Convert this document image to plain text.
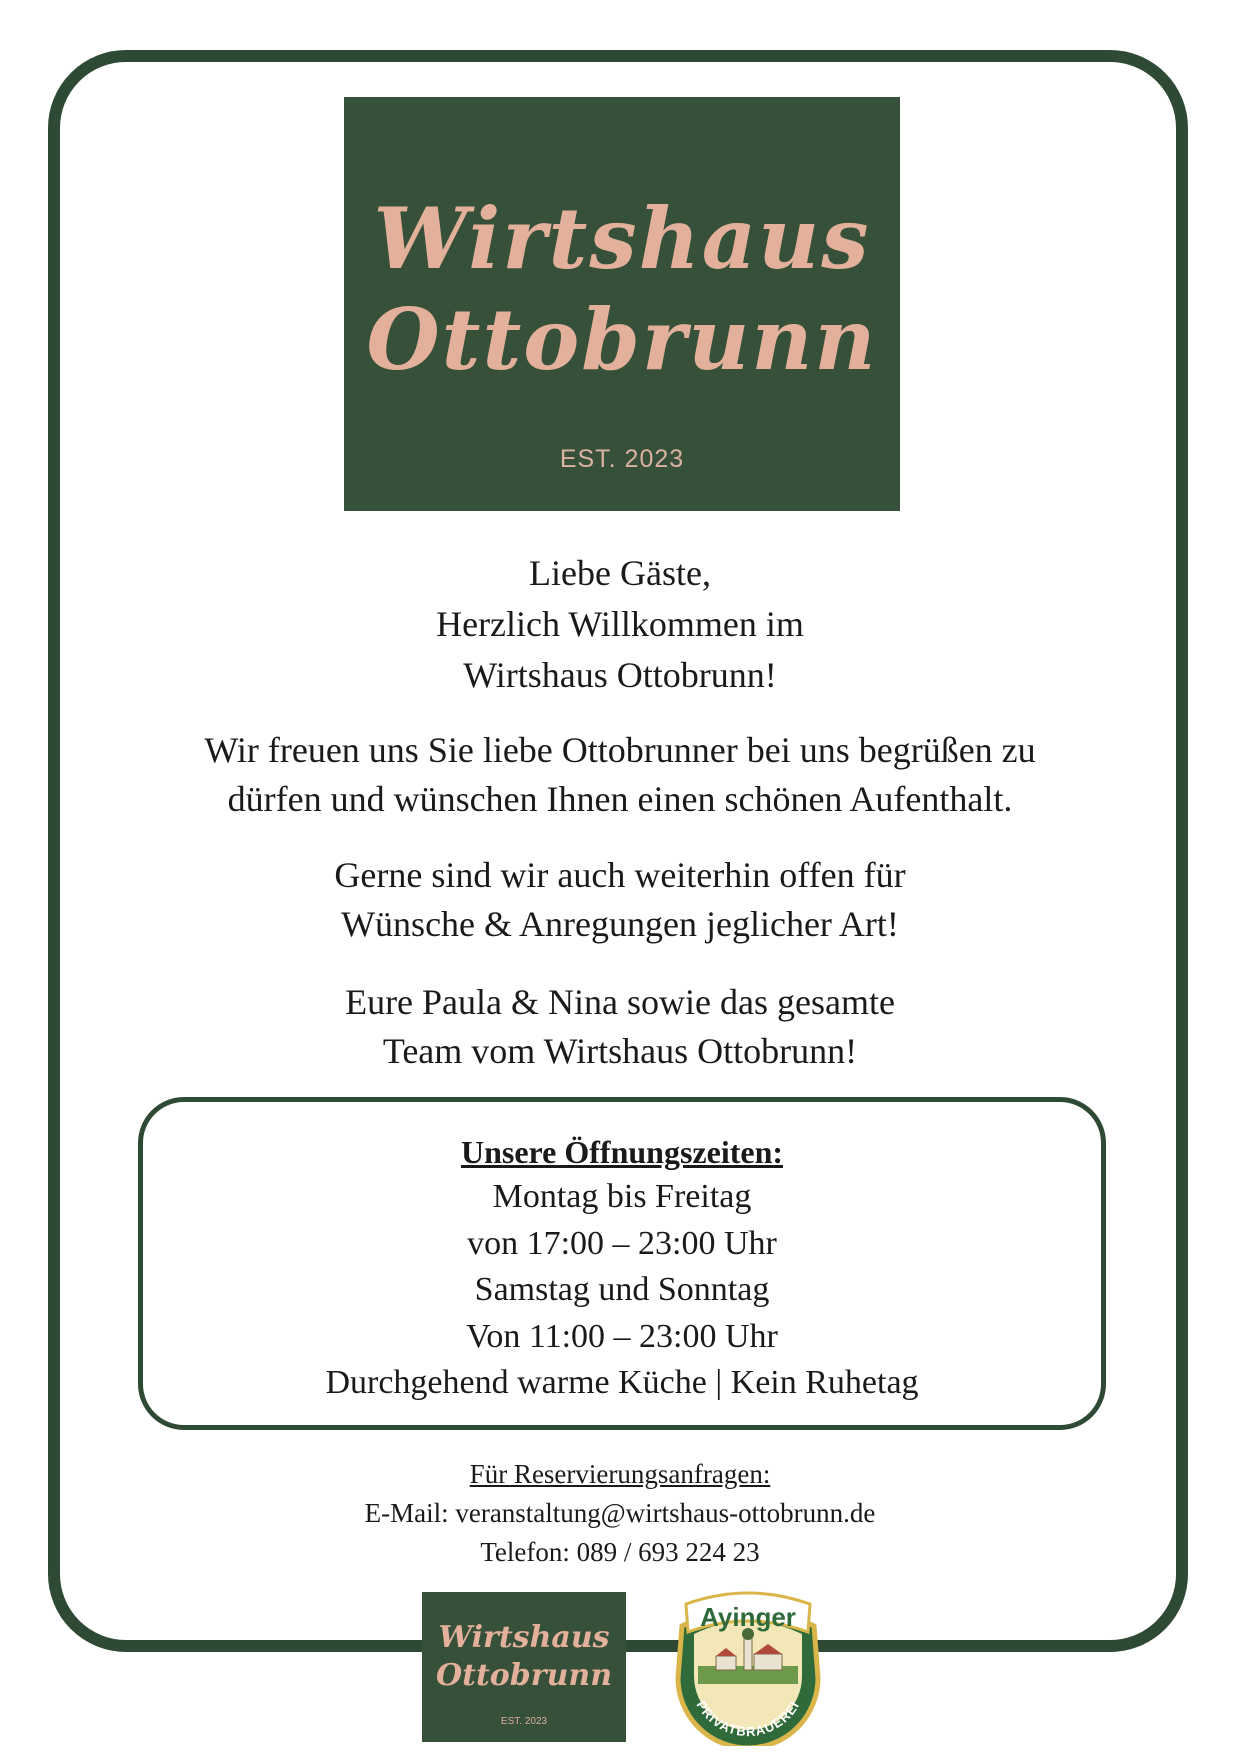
Wirtshaus
Ottobrunn
EST. 2023
Liebe Gäste,
Herzlich Willkommen im
Wirtshaus Ottobrunn!
Wir freuen uns Sie liebe Ottobrunner bei uns begrüßen zu
dürfen und wünschen Ihnen einen schönen Aufenthalt.
Gerne sind wir auch weiterhin offen für
Wünsche & Anregungen jeglicher Art!
Eure Paula & Nina sowie das gesamte
Team vom Wirtshaus Ottobrunn!
Unsere Öffnungszeiten:
Montag bis Freitag
von 17:00 – 23:00 Uhr
Samstag und Sonntag
Von 11:00 – 23:00 Uhr
Durchgehend warme Küche | Kein Ruhetag
Für Reservierungsanfragen:
E-Mail: veranstaltung@wirtshaus-ottobrunn.de
Telefon: 089 / 693 224 23
Wirtshaus
Ottobrunn
EST. 2023
Ayinger
PRIVATBRAUEREI
